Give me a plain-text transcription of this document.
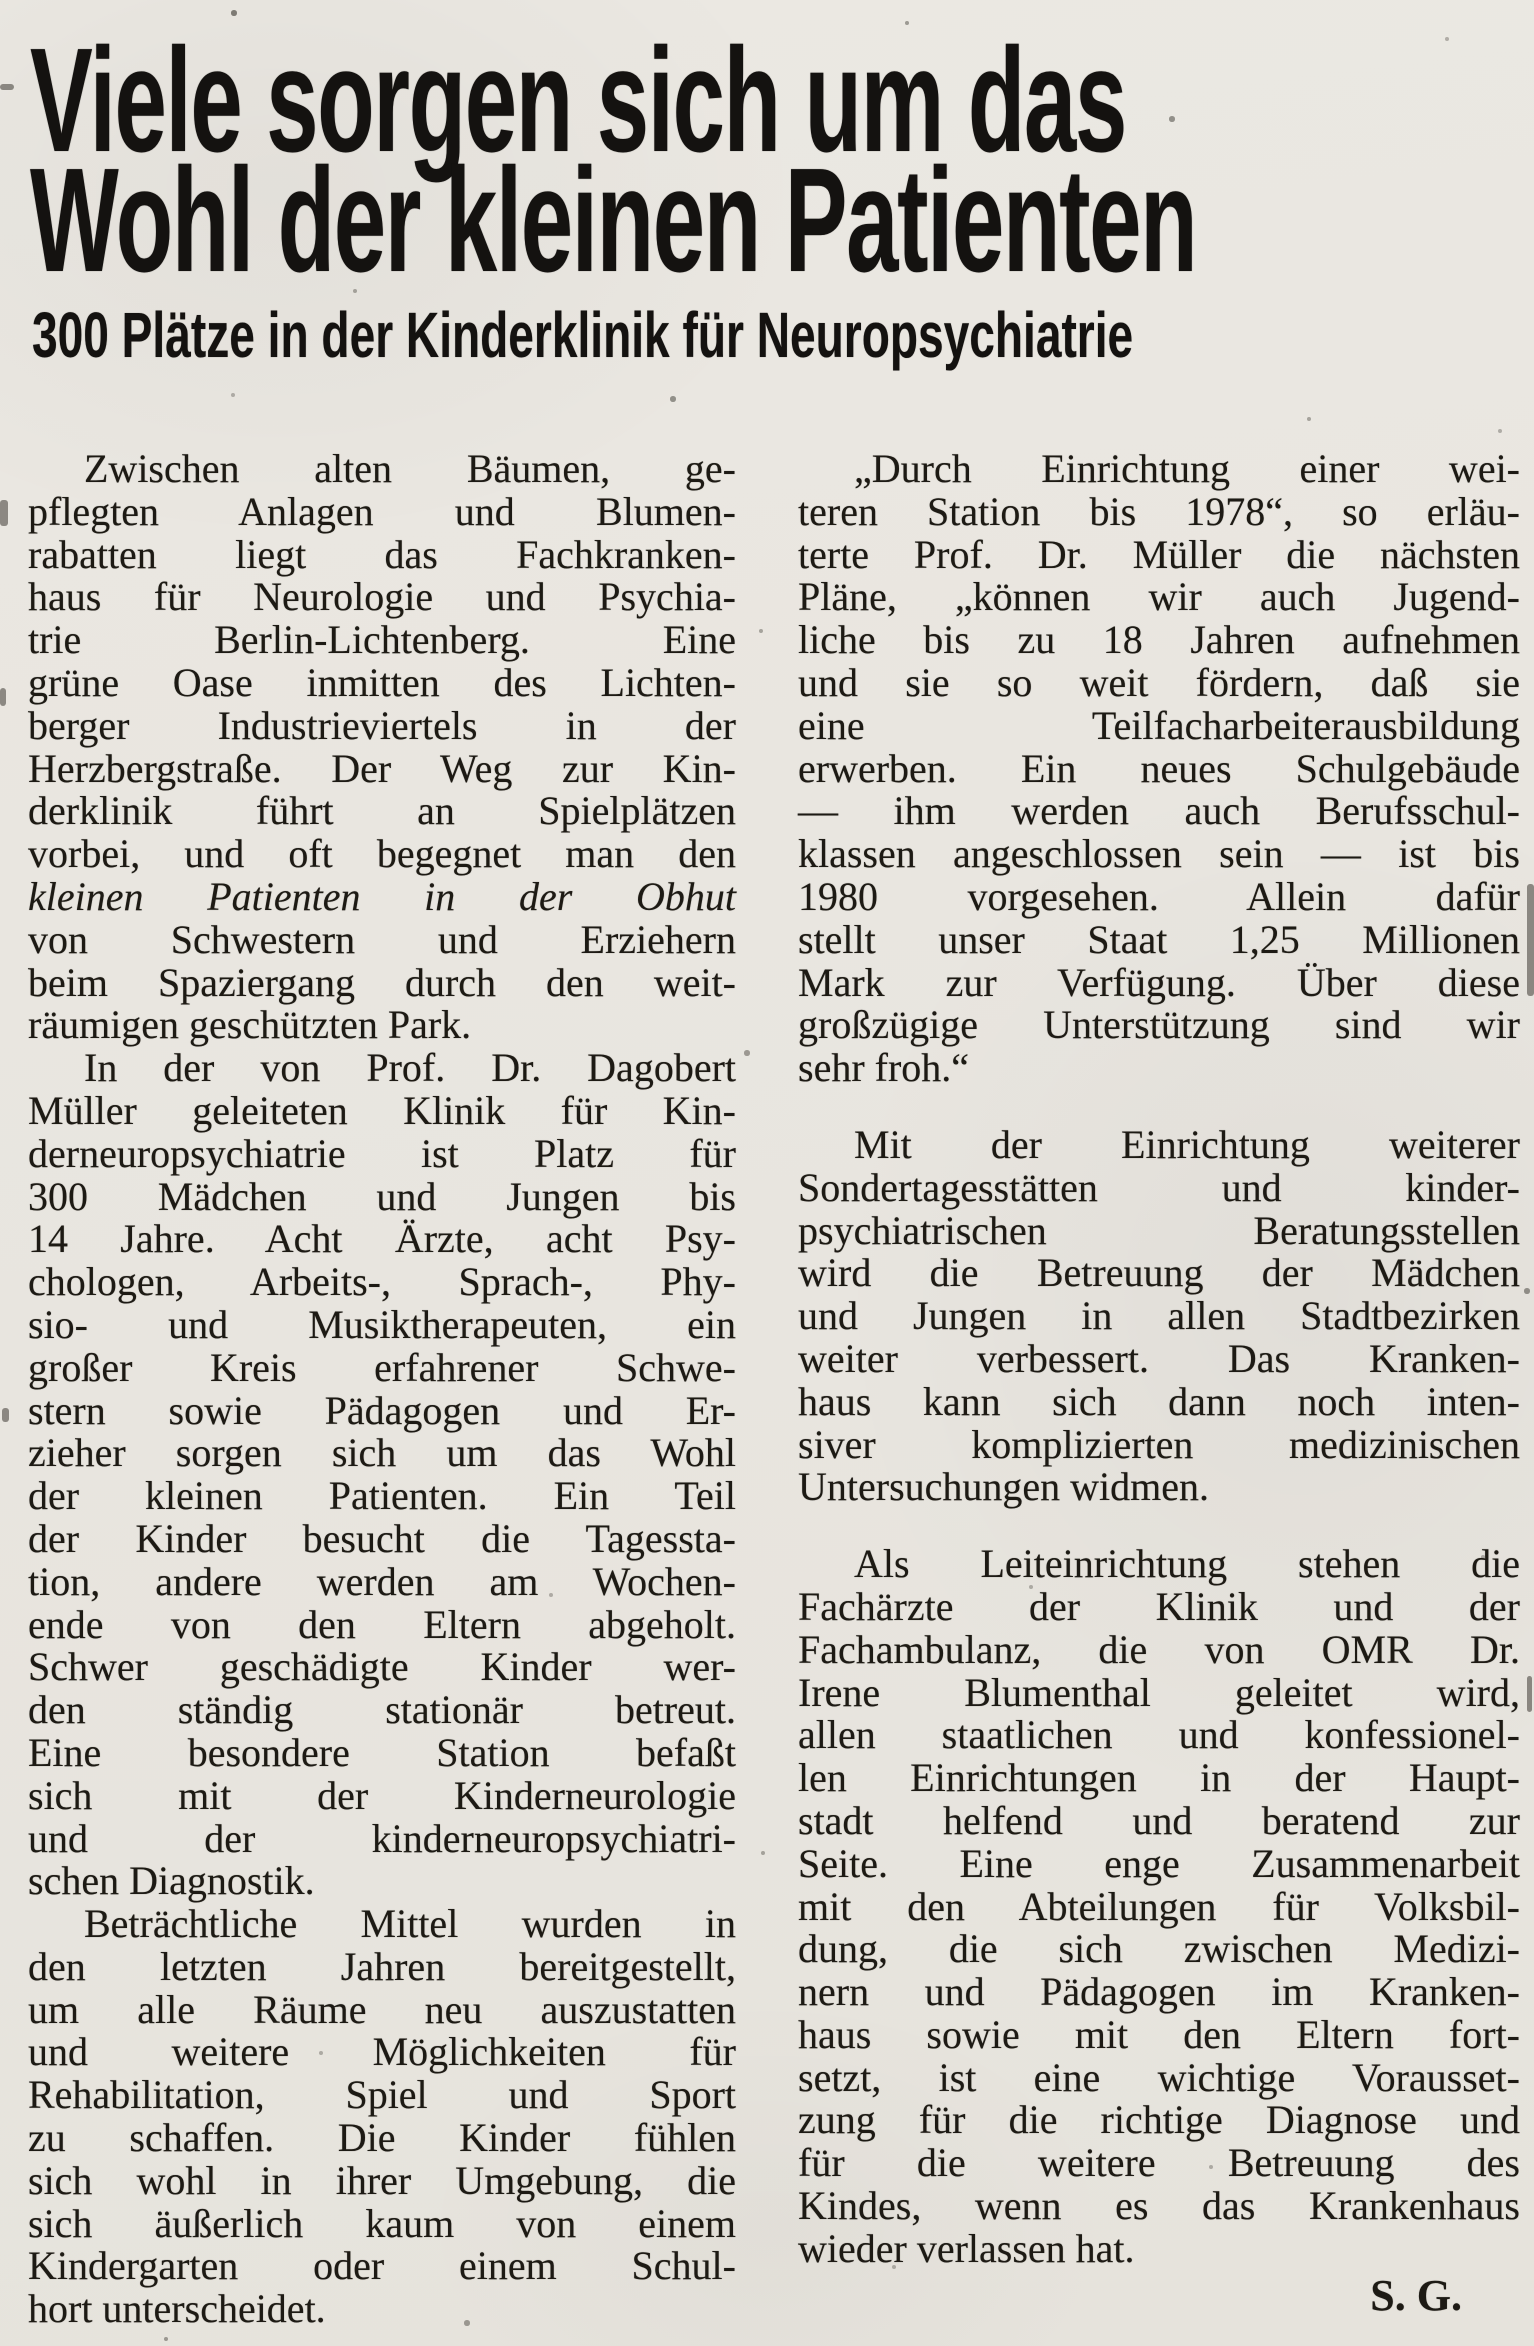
Viele sorgen sich um das
Wohl der kleinen Patienten
300 Plätze in der Kinderklinik für Neuropsychiatrie
Zwischen alten Bäumen, ge-
pflegten Anlagen und Blumen-
rabatten liegt das Fachkranken-
haus für Neurologie und Psychia-
trie Berlin-Lichtenberg. Eine
grüne Oase inmitten des Lichten-
berger Industrieviertels in der
Herzbergstraße. Der Weg zur Kin-
derklinik führt an Spielplätzen
vorbei, und oft begegnet man den
kleinen Patienten in der Obhut
von Schwestern und Erziehern
beim Spaziergang durch den weit-
räumigen geschützten Park.
In der von Prof. Dr. Dagobert
Müller geleiteten Klinik für Kin-
derneuropsychiatrie ist Platz für
300 Mädchen und Jungen bis
14 Jahre. Acht Ärzte, acht Psy-
chologen, Arbeits-, Sprach-, Phy-
sio- und Musiktherapeuten, ein
großer Kreis erfahrener Schwe-
stern sowie Pädagogen und Er-
zieher sorgen sich um das Wohl
der kleinen Patienten. Ein Teil
der Kinder besucht die Tagessta-
tion, andere werden am Wochen-
ende von den Eltern abgeholt.
Schwer geschädigte Kinder wer-
den ständig stationär betreut.
Eine besondere Station befaßt
sich mit der Kinderneurologie
und der kinderneuropsychiatri-
schen Diagnostik.
Beträchtliche Mittel wurden in
den letzten Jahren bereitgestellt,
um alle Räume neu auszustatten
und weitere Möglichkeiten für
Rehabilitation, Spiel und Sport
zu schaffen. Die Kinder fühlen
sich wohl in ihrer Umgebung, die
sich äußerlich kaum von einem
Kindergarten oder einem Schul-
hort unterscheidet.
„Durch Einrichtung einer wei-
teren Station bis 1978“, so erläu-
terte Prof. Dr. Müller die nächsten
Pläne, „können wir auch Jugend-
liche bis zu 18 Jahren aufnehmen
und sie so weit fördern, daß sie
eine Teilfacharbeiterausbildung
erwerben. Ein neues Schulgebäude
— ihm werden auch Berufsschul-
klassen angeschlossen sein — ist bis
1980 vorgesehen. Allein dafür
stellt unser Staat 1,25 Millionen
Mark zur Verfügung. Über diese
großzügige Unterstützung sind wir
sehr froh.“
Mit der Einrichtung weiterer
Sondertagesstätten und kinder-
psychiatrischen Beratungsstellen
wird die Betreuung der Mädchen
und Jungen in allen Stadtbezirken
weiter verbessert. Das Kranken-
haus kann sich dann noch inten-
siver komplizierten medizinischen
Untersuchungen widmen.
Als Leiteinrichtung stehen die
Fachärzte der Klinik und der
Fachambulanz, die von OMR Dr.
Irene Blumenthal geleitet wird,
allen staatlichen und konfessionel-
len Einrichtungen in der Haupt-
stadt helfend und beratend zur
Seite. Eine enge Zusammenarbeit
mit den Abteilungen für Volksbil-
dung, die sich zwischen Medizi-
nern und Pädagogen im Kranken-
haus sowie mit den Eltern fort-
setzt, ist eine wichtige Vorausset-
zung für die richtige Diagnose und
für die weitere Betreuung des
Kindes, wenn es das Krankenhaus
wieder verlassen hat.
S. G.
